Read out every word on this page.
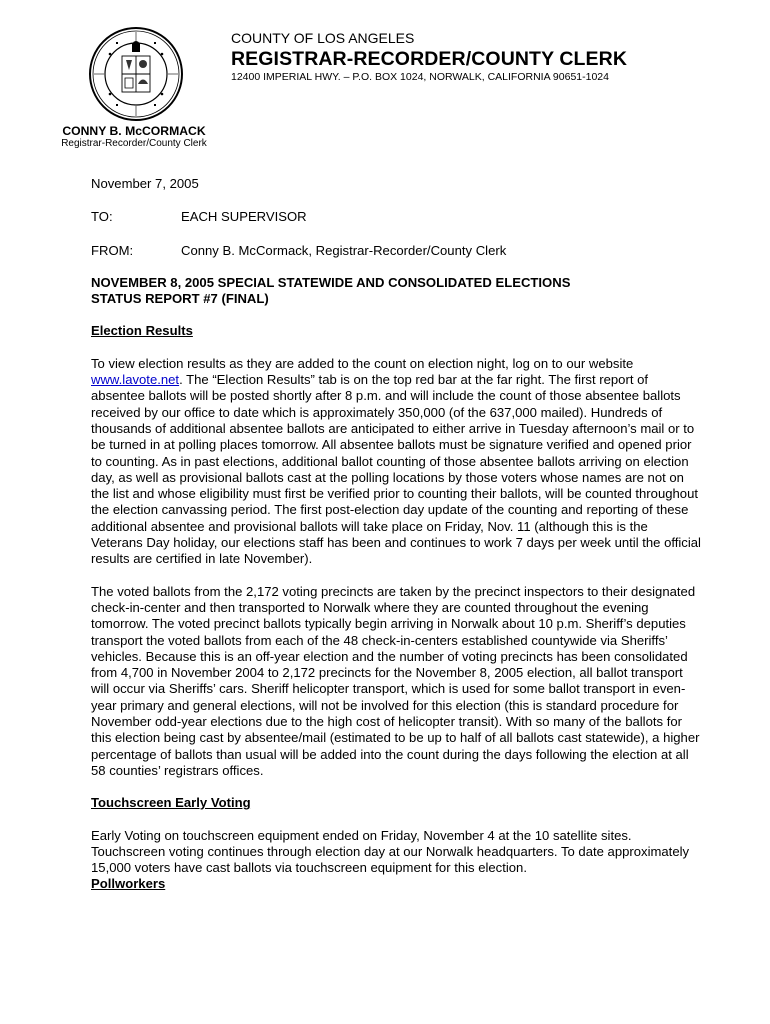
COUNTY OF LOS ANGELES
REGISTRAR-RECORDER/COUNTY CLERK
12400 IMPERIAL HWY. – P.O. BOX 1024, NORWALK, CALIFORNIA 90651-1024
CONNY B. McCORMACK
Registrar-Recorder/County Clerk
November 7, 2005
TO:	EACH SUPERVISOR
FROM:	Conny B. McCormack, Registrar-Recorder/County Clerk
NOVEMBER 8, 2005 SPECIAL STATEWIDE AND CONSOLIDATED ELECTIONS
STATUS REPORT #7 (FINAL)
Election Results

To view election results as they are added to the count on election night, log on to our website www.lavote.net. The “Election Results” tab is on the top red bar at the far right. The first report of absentee ballots will be posted shortly after 8 p.m. and will include the count of those absentee ballots received by our office to date which is approximately 350,000 (of the 637,000 mailed). Hundreds of thousands of additional absentee ballots are anticipated to either arrive in Tuesday afternoon’s mail or to be turned in at polling places tomorrow. All absentee ballots must be signature verified and opened prior to counting. As in past elections, additional ballot counting of those absentee ballots arriving on election day, as well as provisional ballots cast at the polling locations by those voters whose names are not on the list and whose eligibility must first be verified prior to counting their ballots, will be counted throughout the election canvassing period. The first post-election day update of the counting and reporting of these additional absentee and provisional ballots will take place on Friday, Nov. 11 (although this is the Veterans Day holiday, our elections staff has been and continues to work 7 days per week until the official results are certified in late November).

The voted ballots from the 2,172 voting precincts are taken by the precinct inspectors to their designated check-in-center and then transported to Norwalk where they are counted throughout the evening tomorrow. The voted precinct ballots typically begin arriving in Norwalk about 10 p.m. Sheriff’s deputies transport the voted ballots from each of the 48 check-in-centers established countywide via Sheriffs’ vehicles. Because this is an off-year election and the number of voting precincts has been consolidated from 4,700 in November 2004 to 2,172 precincts for the November 8, 2005 election, all ballot transport will occur via Sheriffs’ cars. Sheriff helicopter transport, which is used for some ballot transport in even-year primary and general elections, will not be involved for this election (this is standard procedure for November odd-year elections due to the high cost of helicopter transit). With so many of the ballots for this election being cast by absentee/mail (estimated to be up to half of all ballots cast statewide), a higher percentage of ballots than usual will be added into the count during the days following the election at all 58 counties’ registrars offices.

Touchscreen Early Voting

Early Voting on touchscreen equipment ended on Friday, November 4 at the 10 satellite sites. Touchscreen voting continues through election day at our Norwalk headquarters. To date approximately 15,000 voters have cast ballots via touchscreen equipment for this election.

Pollworkers
